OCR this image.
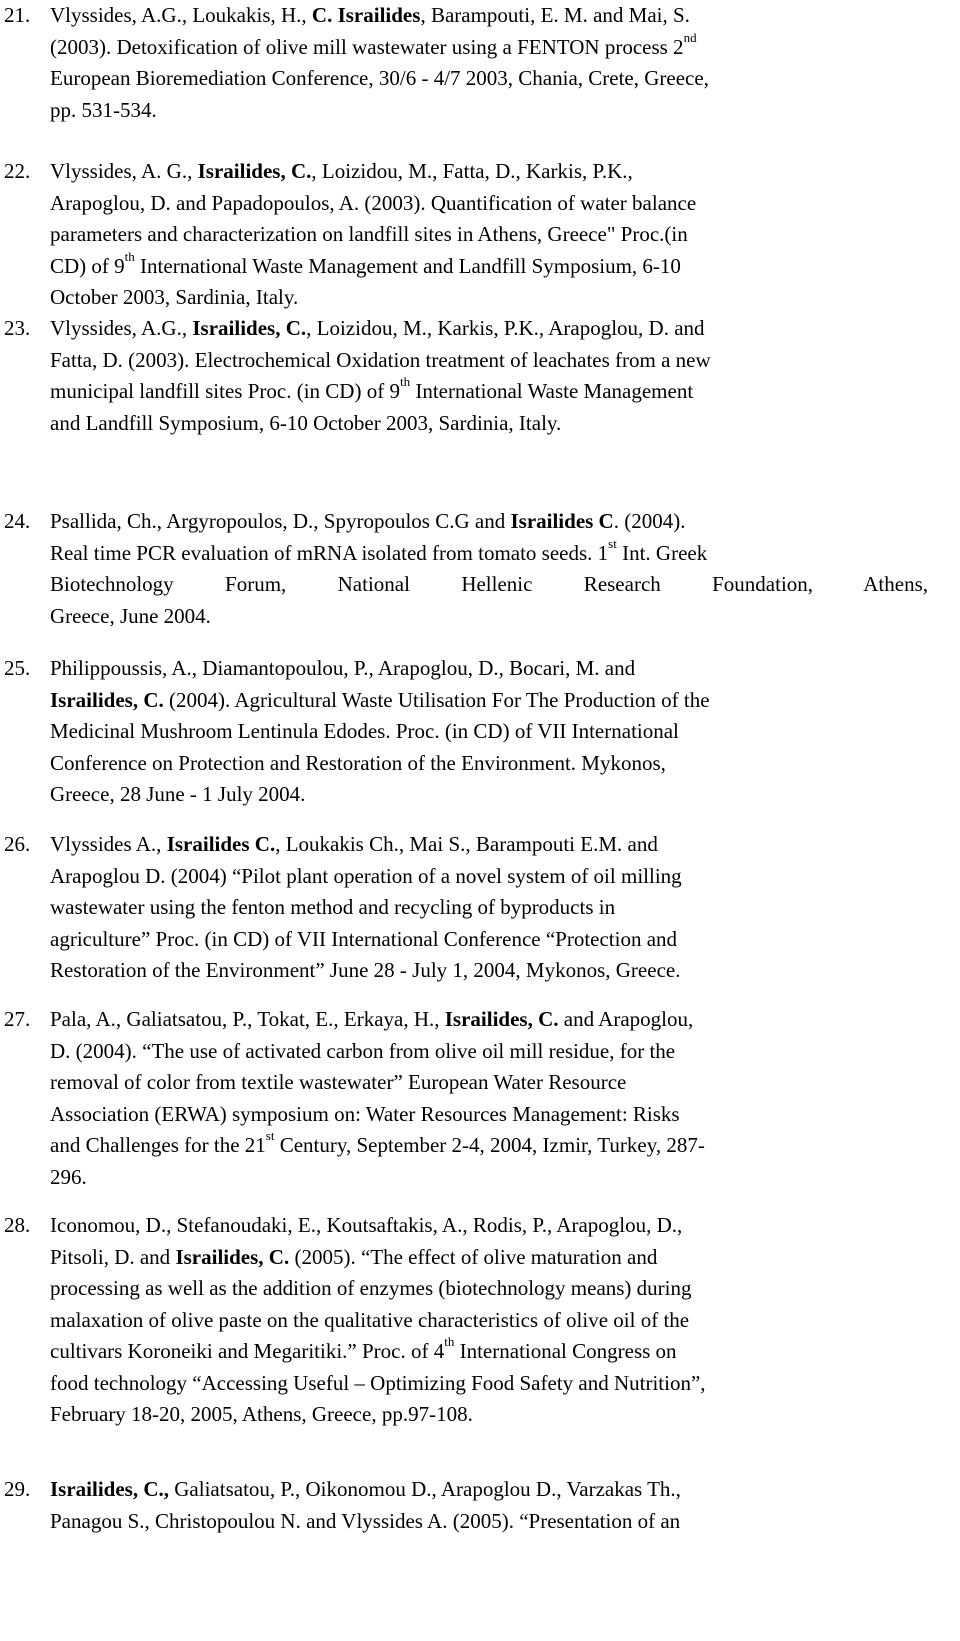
21. Vlyssides, A.G., Loukakis, H., C. Israilides, Barampouti, E. M. and Mai, S.
(2003). Detoxification of olive mill wastewater using a FENTON process 2nd
European Bioremediation Conference, 30/6 - 4/7 2003, Chania, Crete, Greece,
pp. 531-534.
22. Vlyssides, A. G., Israilides, C., Loizidou, M., Fatta, D., Karkis, P.K.,
Arapoglou, D. and Papadopoulos, A. (2003). Quantification of water balance
parameters and characterization on landfill sites in Athens, Greece" Proc.(in
CD) of 9th International Waste Management and Landfill Symposium, 6-10
October 2003, Sardinia, Italy.
23. Vlyssides, A.G., Israilides, C., Loizidou, M., Karkis, P.K., Arapoglou, D. and
Fatta, D. (2003). Electrochemical Oxidation treatment of leachates from a new
municipal landfill sites Proc. (in CD) of 9th International Waste Management
and Landfill Symposium, 6-10 October 2003, Sardinia, Italy.
24. Psallida, Ch., Argyropoulos, D., Spyropoulos C.G and Israilides C. (2004).
Real time PCR evaluation of mRNA isolated from tomato seeds. 1st Int. Greek
Biotechnology Forum, National Hellenic Research Foundation, Athens,
Greece, June 2004.
25. Philippoussis, A., Diamantopoulou, P., Arapoglou, D., Bocari, M. and
Israilides, C. (2004). Agricultural Waste Utilisation For The Production of the
Medicinal Mushroom Lentinula Edodes. Proc. (in CD) of VII International
Conference on Protection and Restoration of the Environment. Mykonos,
Greece, 28 June - 1 July 2004.
26. Vlyssides A., Israilides C., Loukakis Ch., Mai S., Barampouti E.M. and
Arapoglou D. (2004) “Pilot plant operation of a novel system of oil milling
wastewater using the fenton method and recycling of byproducts in
agriculture” Proc. (in CD) of VII International Conference “Protection and
Restoration of the Environment” June 28 - July 1, 2004, Mykonos, Greece.
27. Pala, A., Galiatsatou, P., Tokat, E., Erkaya, H., Israilides, C. and Arapoglou,
D. (2004). “The use of activated carbon from olive oil mill residue, for the
removal of color from textile wastewater” European Water Resource
Association (ERWA) symposium on: Water Resources Management: Risks
and Challenges for the 21st Century, September 2-4, 2004, Izmir, Turkey, 287-
296.
28. Iconomou, D., Stefanoudaki, E., Koutsaftakis, A., Rodis, P., Arapoglou, D.,
Pitsoli, D. and Israilides, C. (2005). “The effect of olive maturation and
processing as well as the addition of enzymes (biotechnology means) during
malaxation of olive paste on the qualitative characteristics of olive oil of the
cultivars Koroneiki and Megaritiki.” Proc. of 4th International Congress on
food technology “Accessing Useful – Optimizing Food Safety and Nutrition”,
February 18-20, 2005, Athens, Greece, pp.97-108.
29. Israilides, C., Galiatsatou, P., Oikonomou D., Arapoglou D., Varzakas Th.,
Panagou S., Christopoulou N. and Vlyssides A. (2005). “Presentation of an
